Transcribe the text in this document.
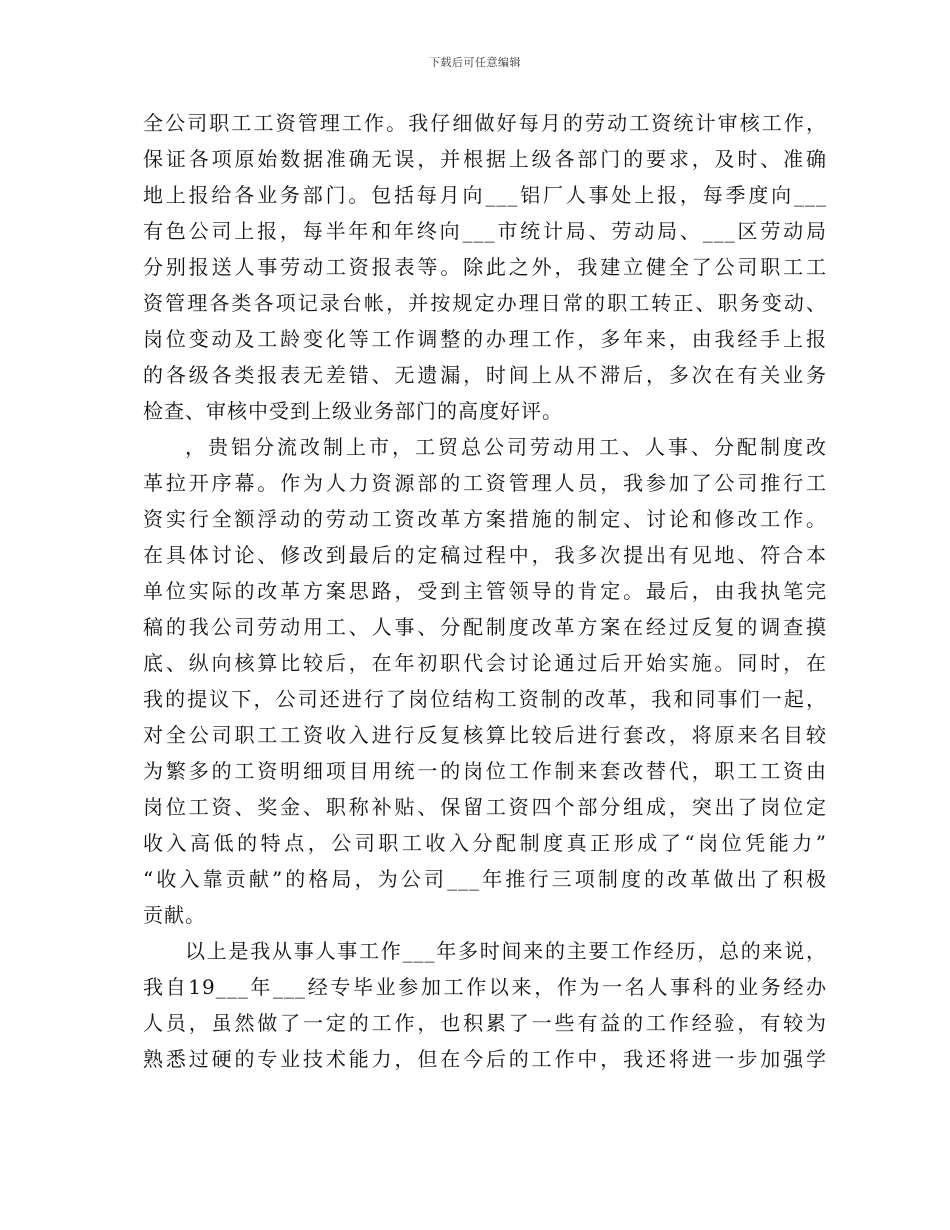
下载后可任意编辑
全公司职工工资管理工作。我仔细做好每月的劳动工资统计审核工作，
保证各项原始数据准确无误，并根据上级各部门的要求，及时、准确
地上报给各业务部门。包括每月向___铝厂人事处上报，每季度向___
有色公司上报，每半年和年终向___市统计局、劳动局、___区劳动局
分别报送人事劳动工资报表等。除此之外，我建立健全了公司职工工
资管理各类各项记录台帐，并按规定办理日常的职工转正、职务变动、
岗位变动及工龄变化等工作调整的办理工作，多年来，由我经手上报
的各级各类报表无差错、无遗漏，时间上从不滞后，多次在有关业务
检查、审核中受到上级业务部门的高度好评。
，贵铝分流改制上市，工贸总公司劳动用工、人事、分配制度改
革拉开序幕。作为人力资源部的工资管理人员，我参加了公司推行工
资实行全额浮动的劳动工资改革方案措施的制定、讨论和修改工作。
在具体讨论、修改到最后的定稿过程中，我多次提出有见地、符合本
单位实际的改革方案思路，受到主管领导的肯定。最后，由我执笔完
稿的我公司劳动用工、人事、分配制度改革方案在经过反复的调查摸
底、纵向核算比较后，在年初职代会讨论通过后开始实施。同时，在
我的提议下，公司还进行了岗位结构工资制的改革，我和同事们一起，
对全公司职工工资收入进行反复核算比较后进行套改，将原来名目较
为繁多的工资明细项目用统一的岗位工作制来套改替代，职工工资由
岗位工资、奖金、职称补贴、保留工资四个部分组成，突出了岗位定
收入高低的特点，公司职工收入分配制度真正形成了“岗位凭能力”
“收入靠贡献”的格局，为公司___年推行三项制度的改革做出了积极
贡献。
以上是我从事人事工作___年多时间来的主要工作经历，总的来说，
我自19___年___经专毕业参加工作以来，作为一名人事科的业务经办
人员，虽然做了一定的工作，也积累了一些有益的工作经验，有较为
熟悉过硬的专业技术能力，但在今后的工作中，我还将进一步加强学
